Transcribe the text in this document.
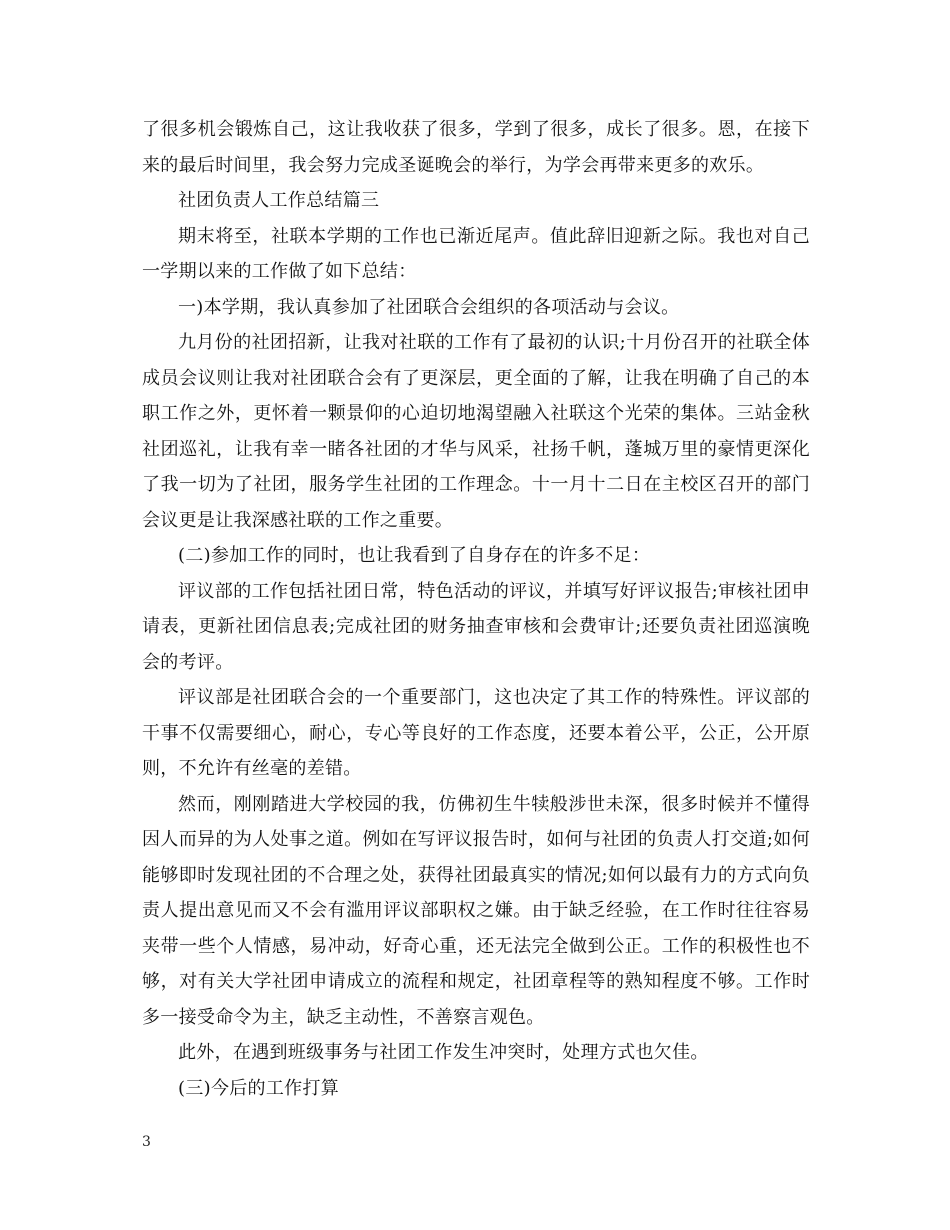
了很多机会锻炼自己，这让我收获了很多，学到了很多，成长了很多。恩，在接下来的最后时间里，我会努力完成圣诞晚会的举行，为学会再带来更多的欢乐。

社团负责人工作总结篇三

期末将至，社联本学期的工作也已渐近尾声。值此辞旧迎新之际。我也对自己一学期以来的工作做了如下总结：

一)本学期，我认真参加了社团联合会组织的各项活动与会议。

九月份的社团招新，让我对社联的工作有了最初的认识;十月份召开的社联全体成员会议则让我对社团联合会有了更深层，更全面的了解，让我在明确了自己的本职工作之外，更怀着一颗景仰的心迫切地渴望融入社联这个光荣的集体。三站金秋社团巡礼，让我有幸一睹各社团的才华与风采，社扬千帆，蓬城万里的豪情更深化了我一切为了社团，服务学生社团的工作理念。十一月十二日在主校区召开的部门会议更是让我深感社联的工作之重要。

(二)参加工作的同时，也让我看到了自身存在的许多不足：

评议部的工作包括社团日常，特色活动的评议，并填写好评议报告;审核社团申请表，更新社团信息表;完成社团的财务抽查审核和会费审计;还要负责社团巡演晚会的考评。

评议部是社团联合会的一个重要部门，这也决定了其工作的特殊性。评议部的干事不仅需要细心，耐心，专心等良好的工作态度，还要本着公平，公正，公开原则，不允许有丝毫的差错。

然而，刚刚踏进大学校园的我，仿佛初生牛犊般涉世未深，很多时候并不懂得因人而异的为人处事之道。例如在写评议报告时，如何与社团的负责人打交道;如何能够即时发现社团的不合理之处，获得社团最真实的情况;如何以最有力的方式向负责人提出意见而又不会有滥用评议部职权之嫌。由于缺乏经验，在工作时往往容易夹带一些个人情感，易冲动，好奇心重，还无法完全做到公正。工作的积极性也不够，对有关大学社团申请成立的流程和规定，社团章程等的熟知程度不够。工作时多一接受命令为主，缺乏主动性，不善察言观色。

此外，在遇到班级事务与社团工作发生冲突时，处理方式也欠佳。

(三)今后的工作打算

3
